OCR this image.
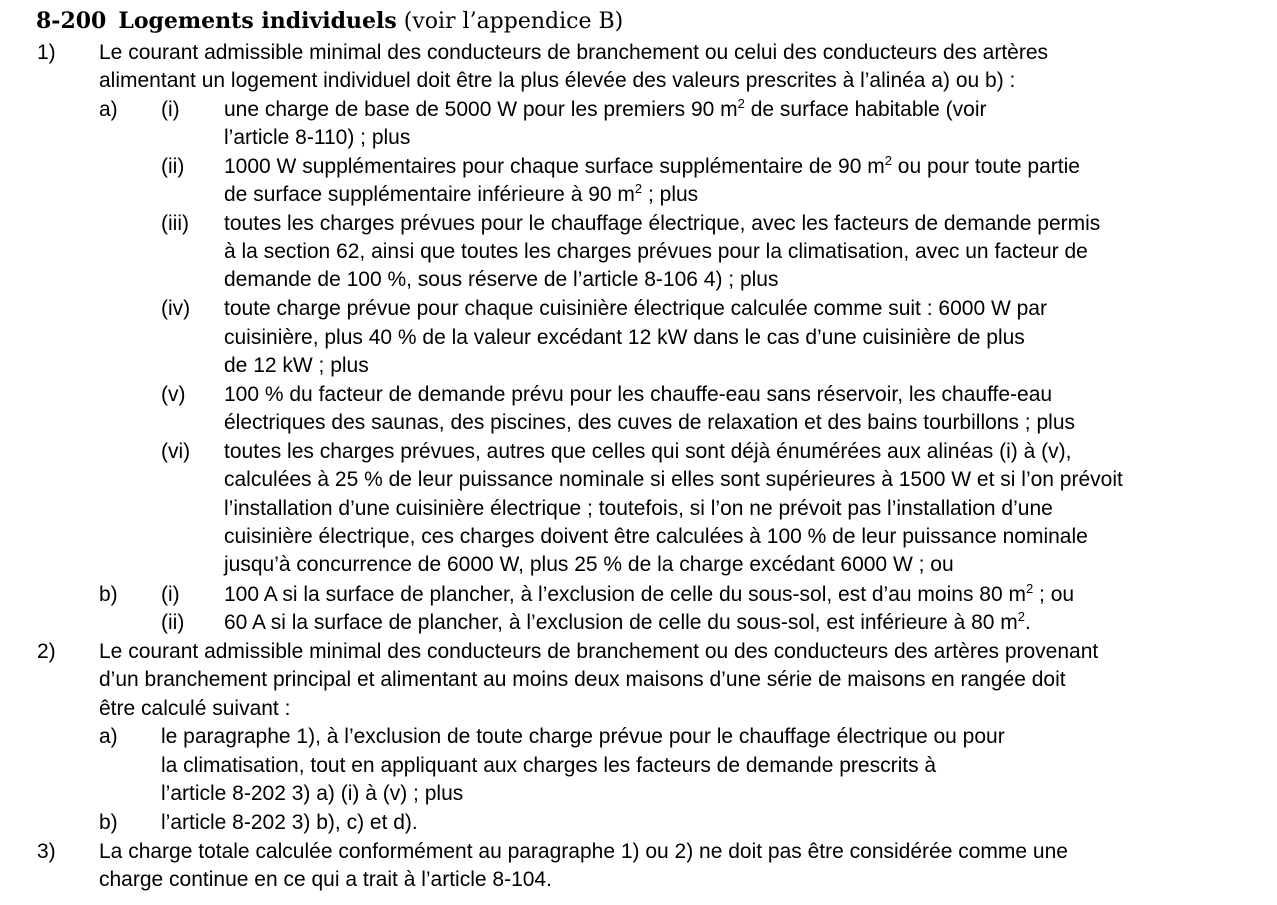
8-200 Logements individuels (voir l’appendice B)
1) Le courant admissible minimal des conducteurs de branchement ou celui des conducteurs des artères
alimentant un logement individuel doit être la plus élevée des valeurs prescrites à l’alinéa a) ou b) :
a) (i) une charge de base de 5000 W pour les premiers 90 $m^2$ de surface habitable (voir
l’article 8-110) ; plus
(ii) 1000 W supplémentaires pour chaque surface supplémentaire de 90 $m^2$ ou pour toute partie
de surface supplémentaire inférieure à 90 $m^2$ ; plus
(iii) toutes les charges prévues pour le chauffage électrique, avec les facteurs de demande permis
à la section 62, ainsi que toutes les charges prévues pour la climatisation, avec un facteur de
demande de 100 %, sous réserve de l’article 8-106 4) ; plus
(iv) toute charge prévue pour chaque cuisinière électrique calculée comme suit : 6000 W par
cuisinière, plus 40 % de la valeur excédant 12 kW dans le cas d’une cuisinière de plus
de 12 kW ; plus
(v) 100 % du facteur de demande prévu pour les chauffe-eau sans réservoir, les chauffe-eau
électriques des saunas, des piscines, des cuves de relaxation et des bains tourbillons ; plus
(vi) toutes les charges prévues, autres que celles qui sont déjà énumérées aux alinéas (i) à (v),
calculées à 25 % de leur puissance nominale si elles sont supérieures à 1500 W et si l’on prévoit
l’installation d’une cuisinière électrique ; toutefois, si l’on ne prévoit pas l’installation d’une
cuisinière électrique, ces charges doivent être calculées à 100 % de leur puissance nominale
jusqu’à concurrence de 6000 W, plus 25 % de la charge excédant 6000 W ; ou
b) (i) 100 A si la surface de plancher, à l’exclusion de celle du sous-sol, est d’au moins 80 $m^2$ ; ou
(ii) 60 A si la surface de plancher, à l’exclusion de celle du sous-sol, est inférieure à 80 $m^2$.
2) Le courant admissible minimal des conducteurs de branchement ou des conducteurs des artères provenant
d’un branchement principal et alimentant au moins deux maisons d’une série de maisons en rangée doit
être calculé suivant :
a) le paragraphe 1), à l’exclusion de toute charge prévue pour le chauffage électrique ou pour
la climatisation, tout en appliquant aux charges les facteurs de demande prescrits à
l’article 8-202 3) a) (i) à (v) ; plus
b) l’article 8-202 3) b), c) et d).
3) La charge totale calculée conformément au paragraphe 1) ou 2) ne doit pas être considérée comme une
charge continue en ce qui a trait à l’article 8-104.
